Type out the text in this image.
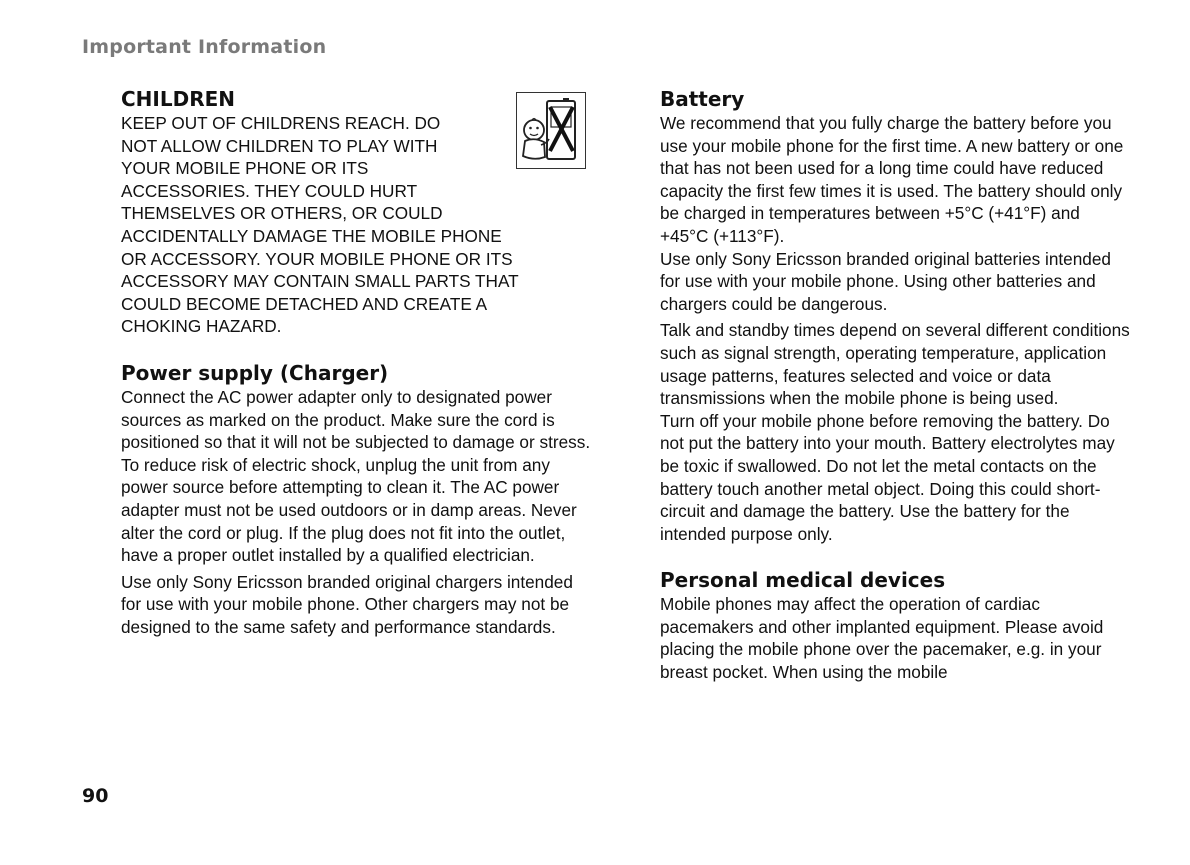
Important Information
CHILDREN

KEEP OUT OF CHILDRENS REACH. DO

NOT ALLOW CHILDREN TO PLAY WITH

YOUR MOBILE PHONE OR ITS

ACCESSORIES. THEY COULD HURT

THEMSELVES OR OTHERS, OR COULD

ACCIDENTALLY DAMAGE THE MOBILE PHONE

OR ACCESSORY. YOUR MOBILE PHONE OR ITS

ACCESSORY MAY CONTAIN SMALL PARTS THAT

COULD BECOME DETACHED AND CREATE A

CHOKING HAZARD.

Power supply (Charger)

Connect the AC power adapter only to designated power sources as marked on the product. Make sure the cord is positioned so that it will not be subjected to damage or stress. To reduce risk of electric shock, unplug the unit from any power source before attempting to clean it. The AC power adapter must not be used outdoors or in damp areas. Never alter the cord or plug. If the plug does not fit into the outlet, have a proper outlet installed by a qualified electrician.

Use only Sony Ericsson branded original chargers intended for use with your mobile phone. Other chargers may not be designed to the same safety and performance standards.

Battery

We recommend that you fully charge the battery before you use your mobile phone for the first time. A new battery or one that has not been used for a long time could have reduced capacity the first few times it is used. The battery should only be charged in temperatures between +5°C (+41°F) and +45°C (+113°F).

Use only Sony Ericsson branded original batteries intended for use with your mobile phone. Using other batteries and chargers could be dangerous.

Talk and standby times depend on several different conditions such as signal strength, operating temperature, application usage patterns, features selected and voice or data transmissions when the mobile phone is being used.

Turn off your mobile phone before removing the battery. Do not put the battery into your mouth. Battery electrolytes may be toxic if swallowed. Do not let the metal contacts on the battery touch another metal object. Doing this could short-circuit and damage the battery. Use the battery for the intended purpose only.

Personal medical devices

Mobile phones may affect the operation of cardiac pacemakers and other implanted equipment. Please avoid placing the mobile phone over the pacemaker, e.g. in your breast pocket. When using the mobile

90
